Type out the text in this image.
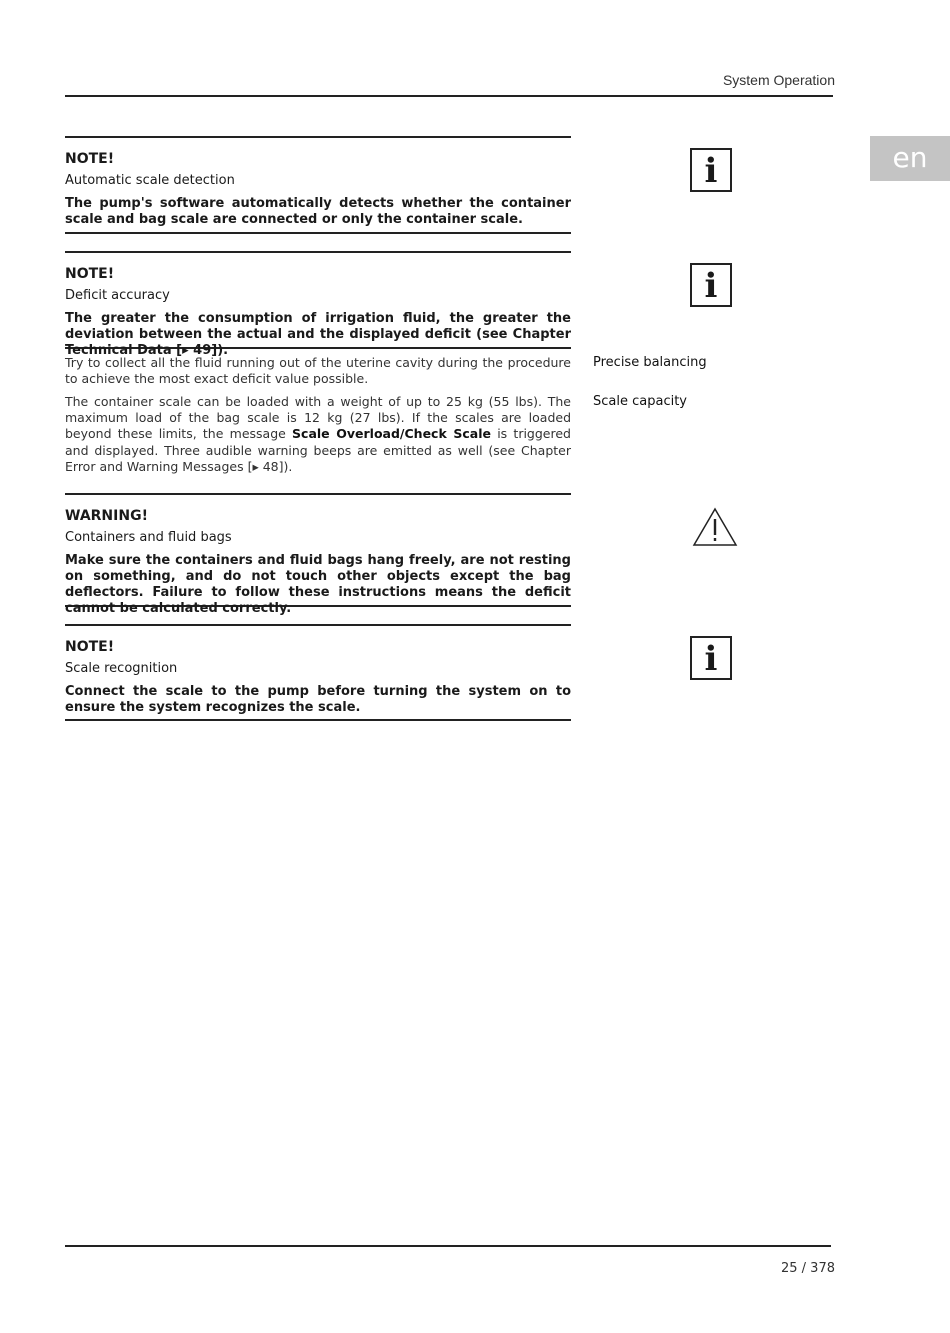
System Operation
en

NOTE!

Automatic scale detection

The pump's software automatically detects whether the container scale and bag scale are connected or only the container scale.

i

NOTE!

Deficit accuracy

The greater the consumption of irrigation fluid, the greater the deviation between the actual and the displayed deficit (see Chapter Technical Data [▸ 49]).

i

Try to collect all the fluid running out of the uterine cavity during the procedure to achieve the most exact deficit value possible.

Precise balancing

The container scale can be loaded with a weight of up to 25 kg (55 lbs). The maximum load of the bag scale is 12 kg (27 lbs). If the scales are loaded beyond these limits, the message Scale Overload/Check Scale is triggered and displayed. Three audible warning beeps are emitted as well (see Chapter Error and Warning Messages [▸ 48]).

Scale capacity

WARNING!

Containers and fluid bags

Make sure the containers and fluid bags hang freely, are not resting on something, and do not touch other objects except the bag deflectors. Failure to follow these instructions means the deficit cannot be calculated correctly.

NOTE!

Scale recognition

Connect the scale to the pump before turning the system on to ensure the system recognizes the scale.

i
25 / 378
